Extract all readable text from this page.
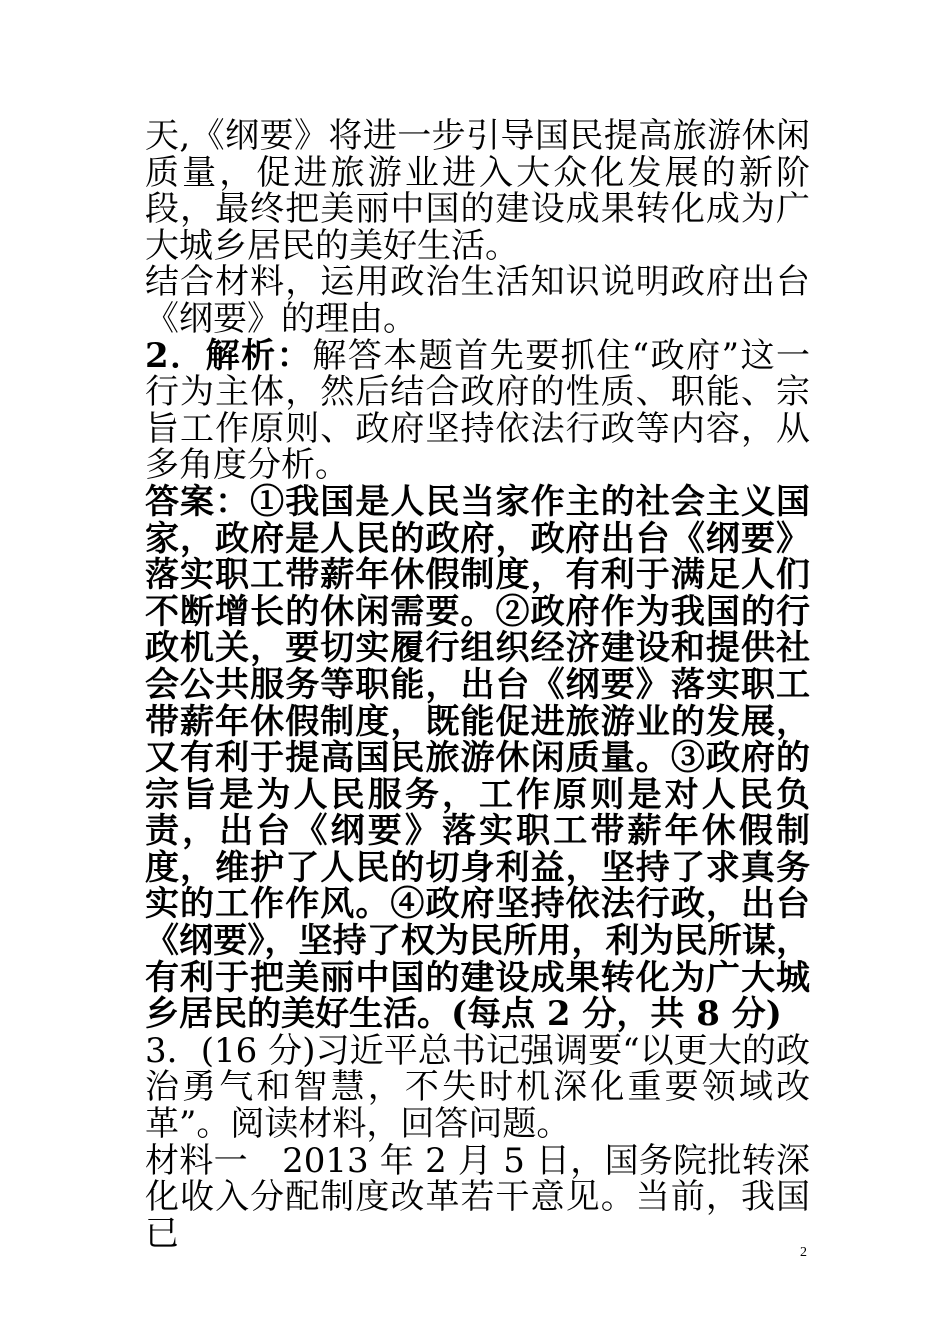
天,《纲要》将进一步引导国民提高旅游休闲质量，促进旅游业进入大众化发展的新阶段，最终把美丽中国的建设成果转化成为广大城乡居民的美好生活。

结合材料，运用政治生活知识说明政府出台《纲要》的理由。

2．解析：解答本题首先要抓住“政府”这一行为主体，然后结合政府的性质、职能、宗旨工作原则、政府坚持依法行政等内容，从多角度分析。

答案：①我国是人民当家作主的社会主义国家，政府是人民的政府，政府出台《纲要》落实职工带薪年休假制度，有利于满足人们不断增长的休闲需要。②政府作为我国的行政机关，要切实履行组织经济建设和提供社会公共服务等职能，出台《纲要》落实职工带薪年休假制度，既能促进旅游业的发展，又有利于提高国民旅游休闲质量。③政府的宗旨是为人民服务，工作原则是对人民负责，出台《纲要》落实职工带薪年休假制度，维护了人民的切身利益，坚持了求真务实的工作作风。④政府坚持依法行政，出台《纲要》，坚持了权为民所用，利为民所谋，有利于把美丽中国的建设成果转化为广大城乡居民的美好生活。(每点 2 分，共 8 分)

3．(16 分)习近平总书记强调要“以更大的政治勇气和智慧，不失时机深化重要领域改革”。阅读材料，回答问题。

材料一　 2013 年 2 月 5 日，国务院批转深化收入分配制度改革若干意见。当前，我国已	2
